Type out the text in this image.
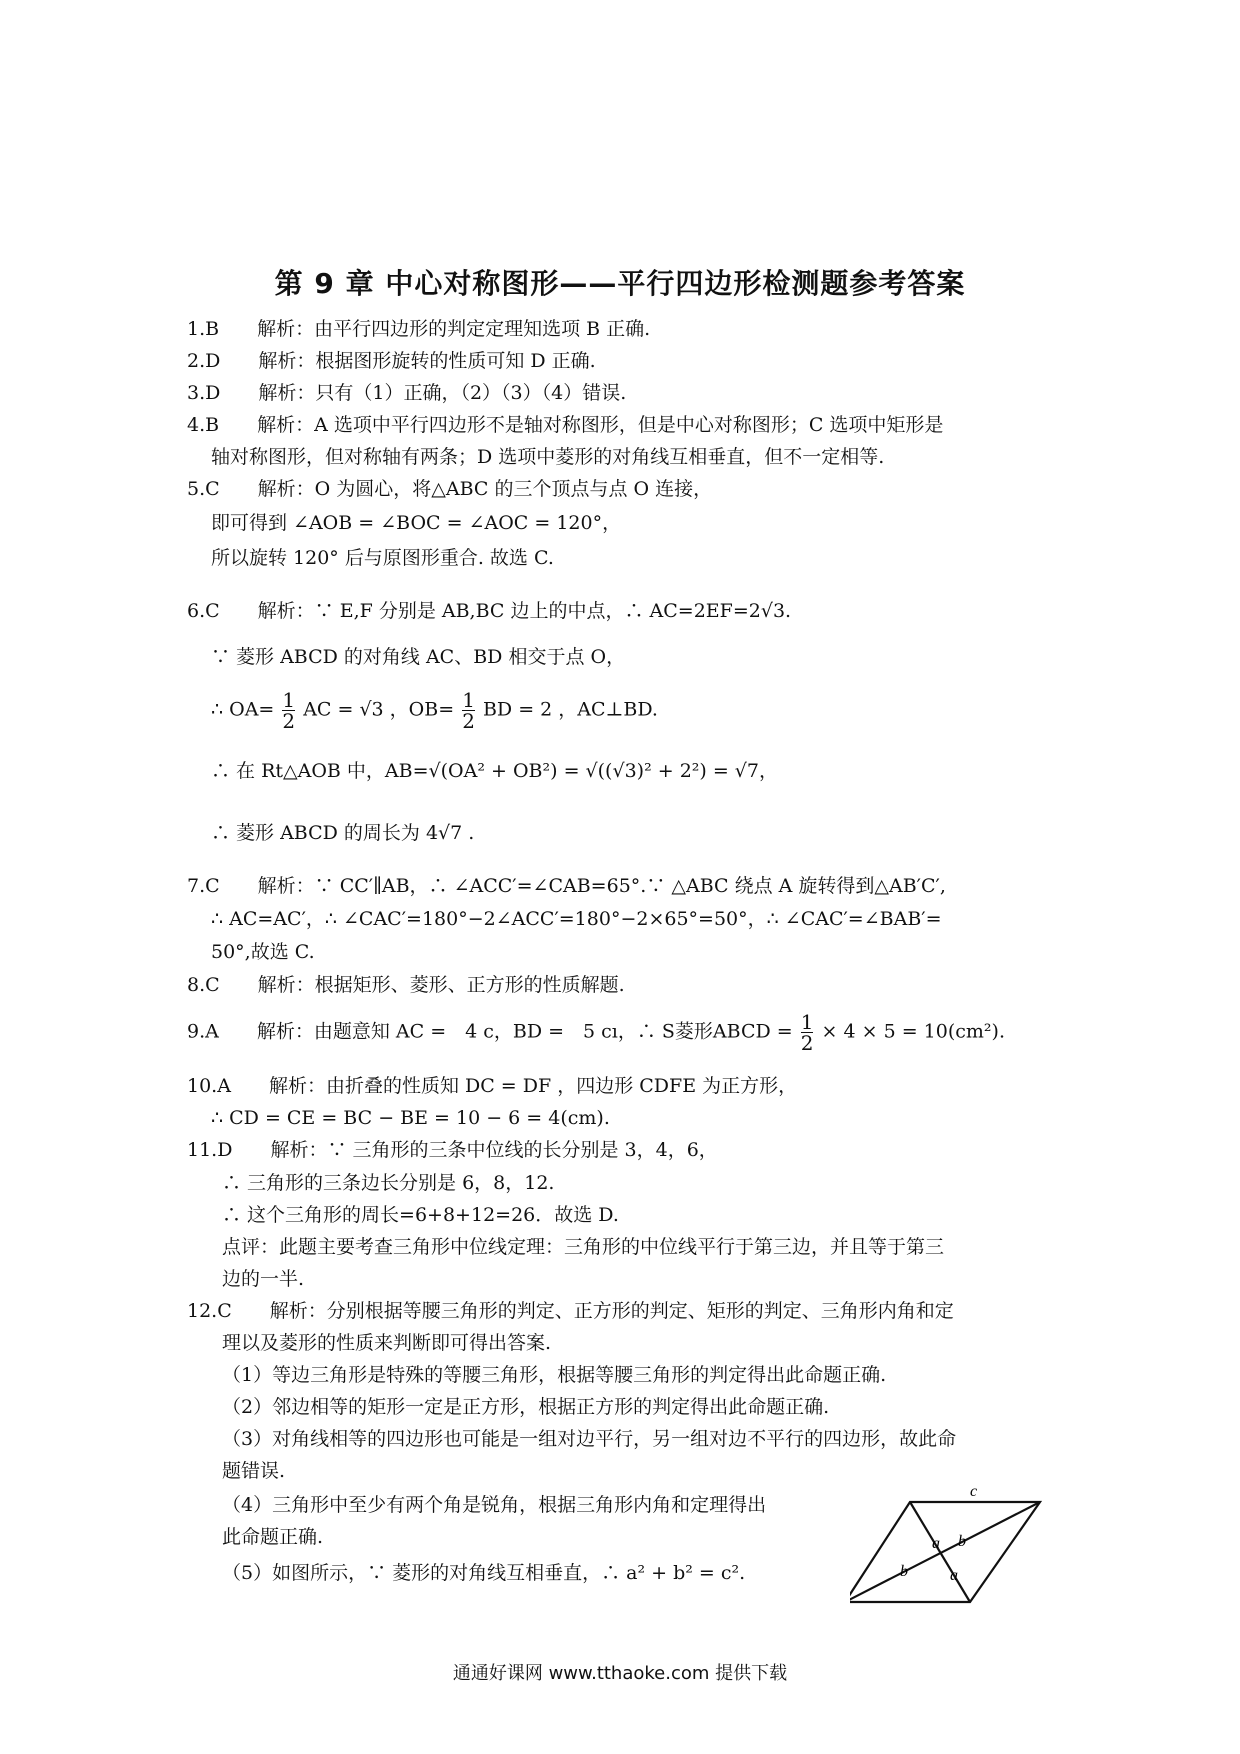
第 9 章 中心对称图形——平行四边形检测题参考答案
1.B　　解析：由平行四边形的判定定理知选项 B 正确.
2.D　　解析：根据图形旋转的性质可知 D 正确.
3.D　　解析：只有（1）正确，（2）（3）（4）错误.
4.B　　解析：A 选项中平行四边形不是轴对称图形，但是中心对称图形；C 选项中矩形是
轴对称图形，但对称轴有两条；D 选项中菱形的对角线互相垂直，但不一定相等.
5.C　　解析：O 为圆心，将△ABC 的三个顶点与点 O 连接，
即可得到 ∠AOB = ∠BOC = ∠AOC = 120°，
所以旋转 120° 后与原图形重合. 故选 C.
6.C　　解析：∵ E,F 分别是 AB,BC 边上的中点，∴ AC=2EF=2√3.
∵ 菱形 ABCD 的对角线 AC、BD 相交于点 O，
∴ $OA= \frac{1}{2}$ AC = √3 ，$OB= \frac{1}{2}$ BD = 2 ，AC⊥BD.
∴ 在 Rt△AOB 中，AB=√(OA² + OB²) = √((√3)² + 2²) = √7，
∴ 菱形 ABCD 的周长为 4√7 .
7.C　　解析：∵ CC′∥AB，∴ ∠ACC′=∠CAB=65°.∵ △ABC 绕点 A 旋转得到△AB′C′,
∴ AC=AC′，∴ ∠CAC′=180°−2∠ACC′=180°−2×65°=50°，∴ ∠CAC′=∠BAB′=
50°,故选 C.
8.C　　解析：根据矩形、菱形、正方形的性质解题.
9.A　　解析：由题意知 AC =　4 c，BD =　5 cı，∴ S菱形ABCD = $\frac{1}{2} \times 4 \times 5 = 10(cm^2)$.
10.A　　解析：由折叠的性质知 DC = DF ，四边形 CDFE 为正方形，
∴ CD = CE = BC − BE = 10 − 6 = 4(cm).
11.D　　解析：∵ 三角形的三条中位线的长分别是 3，4，6，
∴ 三角形的三条边长分别是 6，8，12.
∴ 这个三角形的周长=6+8+12=26．故选 D.
点评：此题主要考查三角形中位线定理：三角形的中位线平行于第三边，并且等于第三
边的一半.
12.C　　解析：分别根据等腰三角形的判定、正方形的判定、矩形的判定、三角形内角和定
理以及菱形的性质来判断即可得出答案.
（1）等边三角形是特殊的等腰三角形，根据等腰三角形的判定得出此命题正确.
（2）邻边相等的矩形一定是正方形，根据正方形的判定得出此命题正确.
（3）对角线相等的四边形也可能是一组对边平行，另一组对边不平行的四边形，故此命
题错误.
（4）三角形中至少有两个角是锐角，根据三角形内角和定理得出
此命题正确.
（5）如图所示，∵ 菱形的对角线互相垂直，∴ a² + b² = c².
c
a b
b	a
通通好课网 www.tthaoke.com 提供下载
